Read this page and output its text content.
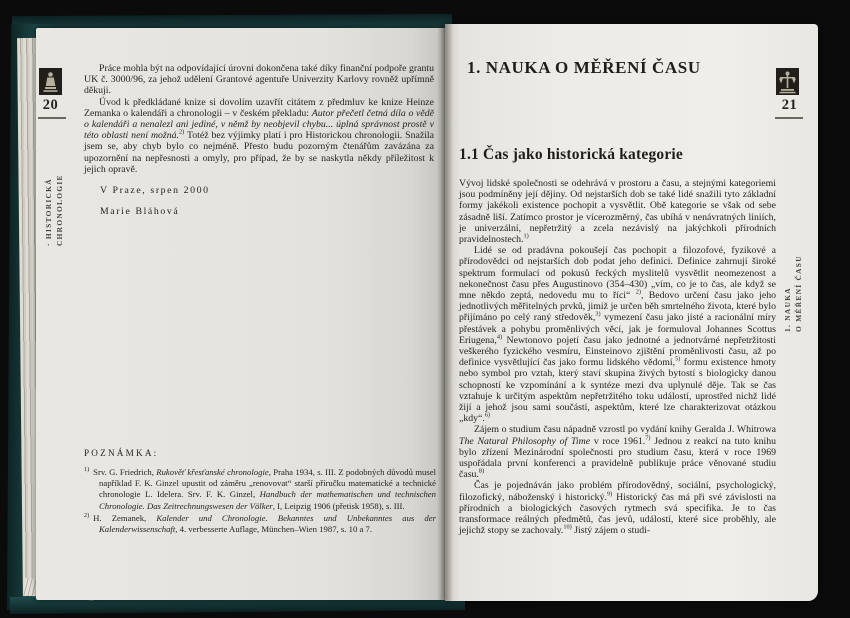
20
· HISTORICKÁ CHRONOLOGIE

Práce mohla být na odpovídající úrovni dokončena také díky finanční podpoře grantu UK č. 3000/96, za jehož udělení Grantové agentuře Univerzity Karlovy rovněž upřímně děkuji.

Úvod k předkládané knize si dovolím uzavřít citátem z předmluv ke knize Heinze Zemanka o kalendáři a chronologii – v českém překladu: Autor přečetl četná díla o vědě o kalendáři a nenalezl ani jediné, v němž by neobjevil chybu... úplná správnost prostě v této oblasti není možná.$^{2)}$ Totéž bez výjimky platí i pro Historickou chronologii. Snažila jsem se, aby chyb bylo co nejméně. Přesto budu pozorným čtenářům zavázána za upozornění na nepřesnosti a omyly, pro případ, že by se naskytla někdy příležitost k jejich opravě.

V Praze, srpen 2000
Marie Bláhová
POZNÁMKA:
$^{1)}$ Srv. G. Friedrich, Rukověť křesťanské chronologie, Praha 1934, s. III. Z podobných důvodů musel například F. K. Ginzel upustit od záměru „renovovat“ starší příručku matematické a technické chronologie L. Idelera. Srv. F. K. Ginzel, Handbuch der mathematischen und technischen Chronologie. Das Zeitrechnungswesen der Völker, I, Leipzig 1906 (přetisk 1958), s. III.
$^{2)}$ H. Zemanek, Kalender und Chronologie. Bekanntes und Unbekanntes aus der Kalenderwissenschaft, 4. verbesserte Auflage, München–Wien 1987, s. 10 a 7.
1. NAUKA O MĚŘENÍ ČASU
1.1 Čas jako historická kategorie

Vývoj lidské společnosti se odehrává v prostoru a času, a stejnými kategoriemi jsou podmíněny její dějiny. Od nejstarších dob se také lidé snažili tyto základní formy jakékoli existence pochopit a vysvětlit. Obě kategorie se však od sebe zásadně liší. Zatímco prostor je vícerozměrný, čas ubíhá v nenávratných liniích, je univerzální, nepřetržitý a zcela nezávislý na jakýchkoli přírodních pravidelnostech.$^{1)}$

Lidé se od pradávna pokoušejí čas pochopit a filozofové, fyzikové a přírodovědci od nejstarších dob podat jeho definici. Definice zahrnují široké spektrum formulací od pokusů řeckých myslitelů vysvětlit neomezenost a nekonečnost času přes Augustinovo (354–430) „vím, co je to čas, ale když se mne někdo zeptá, nedovedu mu to říci“ $^{2)}$, Bedovo určení času jako jeho jednotlivých měřitelných prvků, jimiž je určen běh smrtelného života, které bylo přijímáno po celý raný středověk,$^{3)}$ vymezení času jako jisté a racionální míry přestávek a pohybu proměnlivých věcí, jak je formuloval Johannes Scottus Eriugena,$^{4)}$ Newtonovo pojetí času jako jednotné a jednotvárné nepřetržitosti veškerého fyzického vesmíru, Einsteinovo zjištění proměnlivosti času, až po definice vysvětlující čas jako formu lidského vědomí,$^{5)}$ formu existence hmoty nebo symbol pro vztah, který staví skupina živých bytostí s biologicky danou schopností ke vzpomínání a k syntéze mezi dva uplynulé děje. Tak se čas vztahuje k určitým aspektům nepřetržitého toku událostí, uprostřed nichž lidé žijí a jehož jsou sami součástí, aspektům, které lze charakterizovat otázkou „kdy“.$^{6)}$

Zájem o studium času nápadně vzrostl po vydání knihy Geralda J. Whitrowa The Natural Philosophy of Time v roce 1961.$^{7)}$ Jednou z reakcí na tuto knihu bylo zřízení Mezinárodní společnosti pro studium času, která v roce 1969 uspořádala první konferenci a pravidelně publikuje práce věnované studiu času.$^{8)}$

Čas je pojednáván jako problém přírodovědný, sociální, psychologický, filozofický, náboženský i historický.$^{9)}$ Historický čas má při své závislosti na přírodních a biologických časových rytmech svá specifika. Je to čas transformace reálných předmětů, čas jevů, událostí, které sice proběhly, ale jejichž stopy se zachovaly.$^{10)}$ Jistý zájem o studi-

21
1. NAUKA O MĚŘENÍ ČASU
